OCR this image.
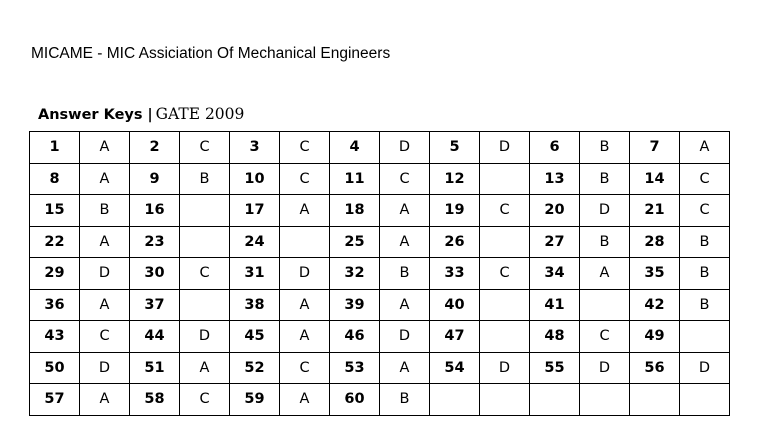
MICAME - MIC Assiciation Of Mechanical Engineers
Answer Keys | GATE 2009
1	A	2	C	3	C	4	D	5	D	6	B	7	A
8	A	9	B	10	C	11	C	12		13	B	14	C
15	B	16		17	A	18	A	19	C	20	D	21	C
22	A	23		24		25	A	26		27	B	28	B
29	D	30	C	31	D	32	B	33	C	34	A	35	B
36	A	37		38	A	39	A	40		41		42	B
43	C	44	D	45	A	46	D	47		48	C	49	
50	D	51	A	52	C	53	A	54	D	55	D	56	D
57	A	58	C	59	A	60	B						
